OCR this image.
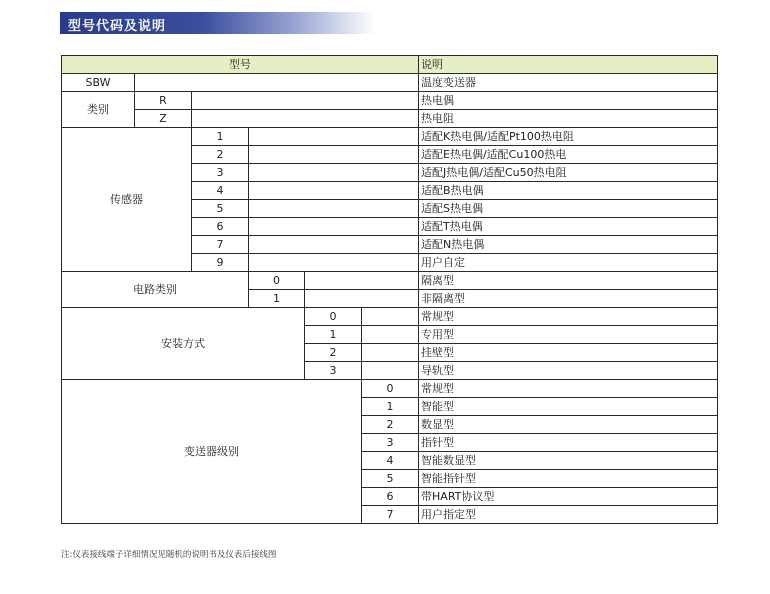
型号代码及说明
型号						说明
SBW						温度变送器
类别	R					热电偶
	Z					热电阻
传感器		1				适配K热电偶/适配Pt100热电阻
		2				适配E热电偶/适配Cu100热电
		3				适配J热电偶/适配Cu50热电阻
		4				适配B热电偶
		5				适配S热电偶
		6				适配T热电偶
		7				适配N热电偶
		9				用户自定
电路类别			0			隔离型
			1			非隔离型
安装方式				0		常规型
				1		专用型
				2		挂壁型
				3		导轨型
变送器级别					0	常规型
					1	智能型
					2	数显型
					3	指针型
					4	智能数显型
					5	智能指针型
					6	带HART协议型
					7	用户指定型
注:仪表接线端子详细情况见随机的说明书及仪表后接线图
